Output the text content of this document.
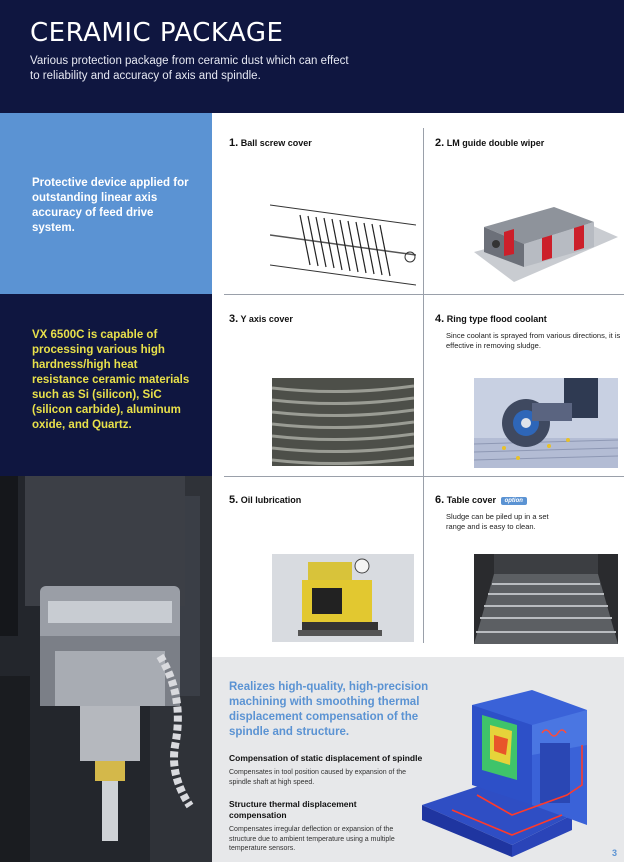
CERAMIC PACKAGE
Various protection package from ceramic dust which can effect to reliability and accuracy of axis and spindle.
Protective device applied for outstanding linear axis accuracy of feed drive system.
VX 6500C is capable of processing various high hardness/high heat resistance ceramic materials such as Si (silicon), SiC (silicon carbide), aluminum oxide, and Quartz.
1. Ball screw cover	2. LM guide double wiper
3. Y axis cover	4. Ring type flood coolant
Since coolant is sprayed from various directions, it is effective in removing sludge.
5. Oil lubrication	6. Table cover option
Sludge can be piled up in a set range and is easy to clean.
Realizes high-quality, high-precision machining with smoothing thermal displacement compensation of the spindle and structure.
Compensation of static displacement of spindle
Compensates in tool position caused by expansion of the spindle shaft at high speed.
Structure thermal displacement compensation
Compensates irregular deflection or expansion of the structure due to ambient temperature using a multiple temperature sensors.	3
